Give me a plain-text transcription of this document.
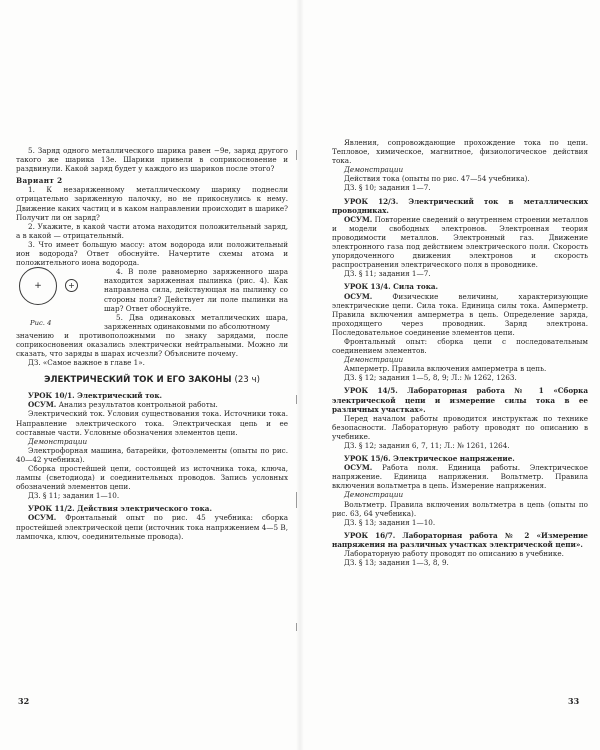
5. Заряд одного металлического шарика равен −9е, заряд другого такого же шарика 13е. Шарики привели в соприкосновение и раздвинули. Какой заряд будет у каждого из шариков после этого?

Вариант 2

1. К незаряженному металлическому шарику поднесли отрицательно заряженную палочку, но не прикоснулись к нему. Движение каких частиц и в каком направлении происходит в шарике? Получит ли он заряд?

2. Укажите, в какой части атома находится положительный заряд, а в какой — отрицательный.

3. Что имеет большую массу: атом водорода или положительный ион водорода? Ответ обоснуйте. Начертите схемы атома и положительного иона водорода.

+	+
Рис. 4

4. В поле равномерно заряженного шара находится заряженная пылинка (рис. 4). Как направлена сила, действующая на пылинку со стороны поля? Действует ли поле пылинки на шар? Ответ обоснуйте.

5. Два одинаковых металлических шара, заряженных одинаковыми по абсолютному

значению и противоположными по знаку зарядами, после соприкосновения оказались электрически нейтральными. Можно ли сказать, что заряды в шарах исчезли? Объясните почему.

ДЗ. «Самое важное в главе 1».

ЭЛЕКТРИЧЕСКИЙ ТОК И ЕГО ЗАКОНЫ (23 ч)

УРОК 10/1. Электрический ток.

ОСУМ. Анализ результатов контрольной работы.

Электрический ток. Условия существования тока. Источники тока. Направление электрического тока. Электрическая цепь и ее составные части. Условные обозначения элементов цепи.

Демонстрации

Электрофорная машина, батарейки, фотоэлементы (опыты по рис. 40—42 учебника).

Сборка простейшей цепи, состоящей из источника тока, ключа, лампы (светодиода) и соединительных проводов. Запись условных обозначений элементов цепи.

ДЗ. § 11; задания 1—10.

УРОК 11/2. Действия электрического тока.

ОСУМ. Фронтальный опыт по рис. 45 учебника: сборка простейшей электрической цепи (источник тока напряжением 4—5 В, лампочка, ключ, соединительные провода).

Явления, сопровождающие прохождение тока по цепи. Тепловое, химическое, магнитное, физиологическое действия тока.

Демонстрации

Действия тока (опыты по рис. 47—54 учебника).

ДЗ. § 10; задания 1—7.

УРОК 12/3. Электрический ток в металлических проводниках.

ОСУМ. Повторение сведений о внутреннем строении металлов и модели свободных электронов. Электронная теория проводимости металлов. Электронный газ. Движение электронного газа под действием электрического поля. Скорость упорядоченного движения электронов и скорость распространения электрического поля в проводнике.

ДЗ. § 11; задания 1—7.

УРОК 13/4. Сила тока.

ОСУМ.	Физические величины, характеризующие электрические цепи. Сила тока. Единица силы тока. Амперметр. Правила включения амперметра в цепь. Определение заряда, проходящего через проводник. Заряд электрона. Последовательное соединение элементов цепи.

Фронтальный опыт: сборка цепи с последовательным соединением элементов.

Демонстрации

Амперметр. Правила включения амперметра в цепь.

ДЗ. § 12; задания 1—5, 8, 9; Л.: № 1262, 1263.

УРОК 14/5. Лабораторная работа № 1 «Сборка электрической цепи и измерение силы тока в ее различных участках».

Перед началом работы проводится инструктаж по технике безопасности. Лабораторную работу проводят по описанию в учебнике.

ДЗ. § 12; задания 6, 7, 11; Л.: № 1261, 1264.

УРОК 15/6. Электрическое напряжение.

ОСУМ. Работа поля. Единица работы. Электрическое напряжение. Единица напряжения. Вольтметр. Правила включения вольтметра в цепь. Измерение напряжения.

Демонстрации

Вольтметр. Правила включения вольтметра в цепь (опыты по рис. 63, 64 учебника).

ДЗ. § 13; задания 1—10.

УРОК 16/7. Лабораторная работа № 2 «Измерение напряжения на различных участках электрической цепи».

Лабораторную работу проводят по описанию в учебнике.

ДЗ. § 13; задания 1—3, 8, 9.

32	33
